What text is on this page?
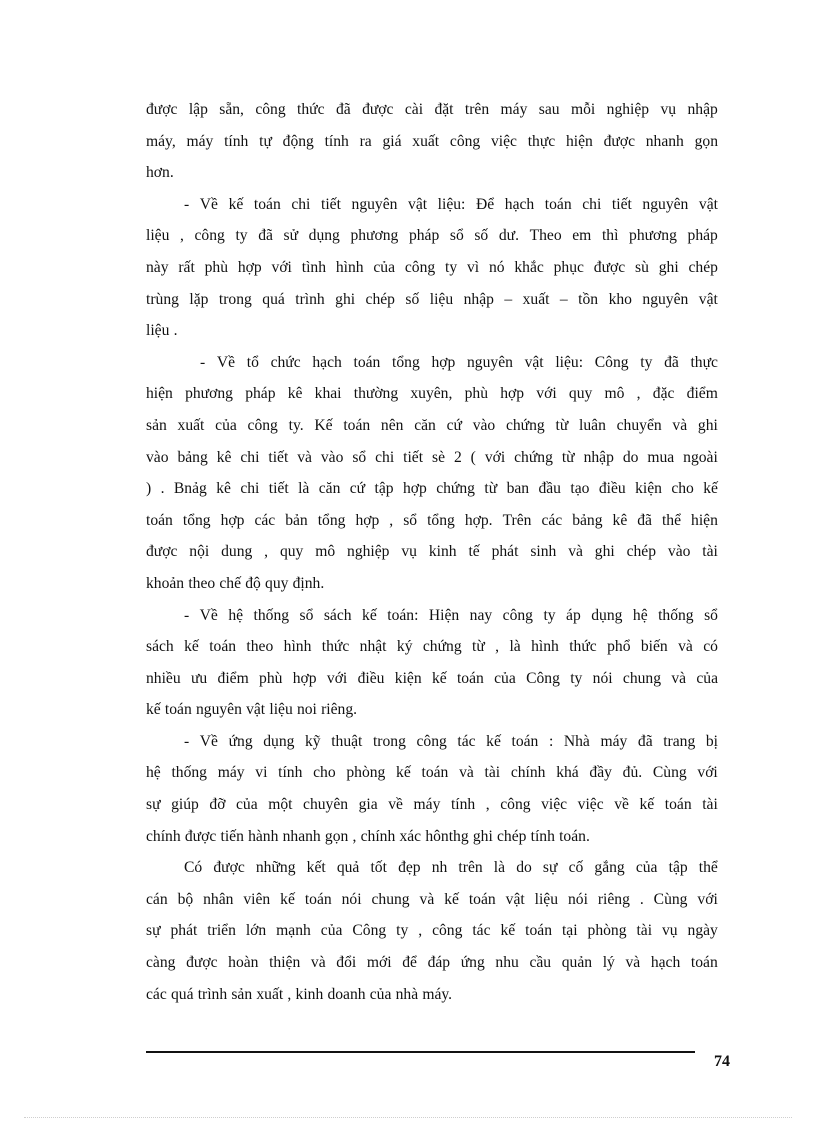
được lập sẵn, công thức đã được cài đặt trên máy sau mỗi nghiệp vụ nhập
máy, máy tính tự động tính ra giá xuất công việc thực hiện được nhanh gọn
hơn.
- Về kế toán chi tiết nguyên vật liệu: Để hạch toán chi tiết nguyên vật
liệu , công ty đã sử dụng phương pháp sổ số dư. Theo em thì phương pháp
này rất phù hợp với tình hình của công ty vì nó khắc phục được sù ghi chép
trùng lặp trong quá trình ghi chép số liệu nhập – xuất – tồn kho nguyên vật
liệu .
- Về tổ chức hạch toán tổng hợp nguyên vật liệu: Công ty đã thực
hiện phương pháp kê khai thường xuyên, phù hợp với quy mô , đặc điểm
sản xuất của công ty. Kế toán nên căn cứ vào chứng từ luân chuyển và ghi
vào bảng kê chi tiết và vào sổ chi tiết sè 2 ( với chứng từ nhập do mua ngoài
) . Bnảg kê chi tiết là căn cứ tập hợp chứng từ ban đầu tạo điều kiện cho kế
toán tổng hợp các bản tổng hợp , sổ tổng hợp. Trên các bảng kê đã thể hiện
được nội dung , quy mô nghiệp vụ kinh tế phát sinh và ghi chép vào tài
khoản theo chế độ quy định.
- Về hệ thống sổ sách kế toán: Hiện nay công ty áp dụng hệ thống sổ
sách kế toán theo hình thức nhật ký chứng từ , là hình thức phổ biến và có
nhiều ưu điểm phù hợp với điều kiện kế toán của Công ty nói chung và của
kế toán nguyên vật liệu noi riêng.
- Về ứng dụng kỹ thuật trong công tác kế toán : Nhà máy đã trang bị
hệ thống máy vi tính cho phòng kế toán và tài chính khá đầy đủ. Cùng với
sự giúp đỡ của một chuyên gia về máy tính , công việc việc về kế toán tài
chính được tiến hành nhanh gọn , chính xác hônthg ghi chép tính toán.
Có được những kết quả tốt đẹp nh trên là do sự cố gắng của tập thể
cán bộ nhân viên kế toán nói chung và kế toán vật liệu nói riêng . Cùng với
sự phát triển lớn mạnh của Công ty , công tác kế toán tại phòng tài vụ ngày
càng được hoàn thiện và đổi mới để đáp ứng nhu cầu quản lý và hạch toán
các quá trình sản xuất , kinh doanh của nhà máy.
74
